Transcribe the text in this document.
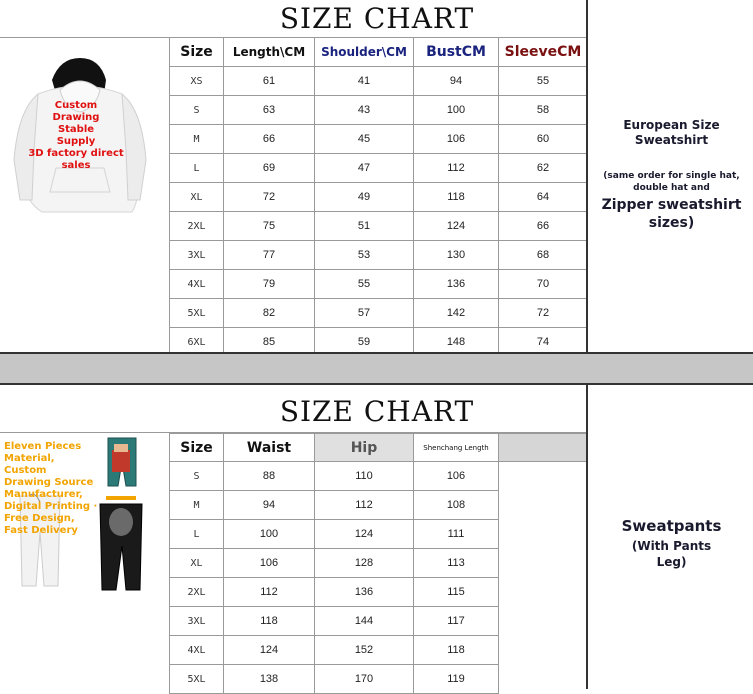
SIZE CHART
Custom
Drawing
Stable
Supply
3D factory direct
sales
Size	Length\CM	Shoulder\CM	BustCM	SleeveCM
XS	61	41	94	55
S	63	43	100	58
M	66	45	106	60
L	69	47	112	62
XL	72	49	118	64
2XL	75	51	124	66
3XL	77	53	130	68
4XL	79	55	136	70
5XL	82	57	142	72
6XL	85	59	148	74
European Size
Sweatshirt
(same order for single hat, double hat and
Zipper sweatshirt
sizes)
SIZE CHART
Eleven Pieces
Material,
Custom
Drawing Source
Manufacturer,
Digital Printing ·
Free Design,
Fast Delivery
Size	Waist	Hip	Shenchang Length	
S	88	110	106	
M	94	112	108	
L	100	124	111	
XL	106	128	113	
2XL	112	136	115	
3XL	118	144	117	
4XL	124	152	118	
5XL	138	170	119	
Sweatpants
(With Pants
Leg)
